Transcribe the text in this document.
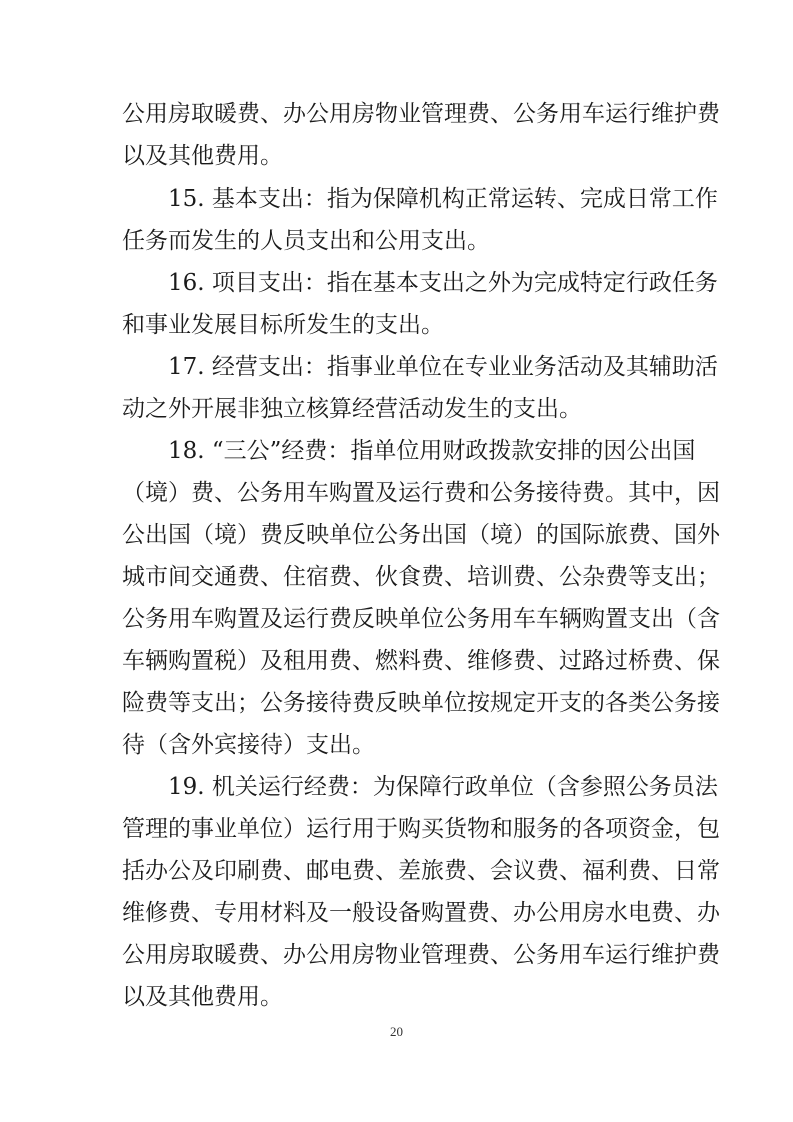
公用房取暖费、办公用房物业管理费、公务用车运行维护费
以及其他费用。
15. 基本支出：指为保障机构正常运转、完成日常工作
任务而发生的人员支出和公用支出。
16. 项目支出：指在基本支出之外为完成特定行政任务
和事业发展目标所发生的支出。
17. 经营支出：指事业单位在专业业务活动及其辅助活
动之外开展非独立核算经营活动发生的支出。
18. “三公”经费：指单位用财政拨款安排的因公出国
（境）费、公务用车购置及运行费和公务接待费。其中，因
公出国（境）费反映单位公务出国（境）的国际旅费、国外
城市间交通费、住宿费、伙食费、培训费、公杂费等支出；
公务用车购置及运行费反映单位公务用车车辆购置支出（含
车辆购置税）及租用费、燃料费、维修费、过路过桥费、保
险费等支出；公务接待费反映单位按规定开支的各类公务接
待（含外宾接待）支出。
19. 机关运行经费：为保障行政单位（含参照公务员法
管理的事业单位）运行用于购买货物和服务的各项资金，包
括办公及印刷费、邮电费、差旅费、会议费、福利费、日常
维修费、专用材料及一般设备购置费、办公用房水电费、办
公用房取暖费、办公用房物业管理费、公务用车运行维护费
以及其他费用。
20
